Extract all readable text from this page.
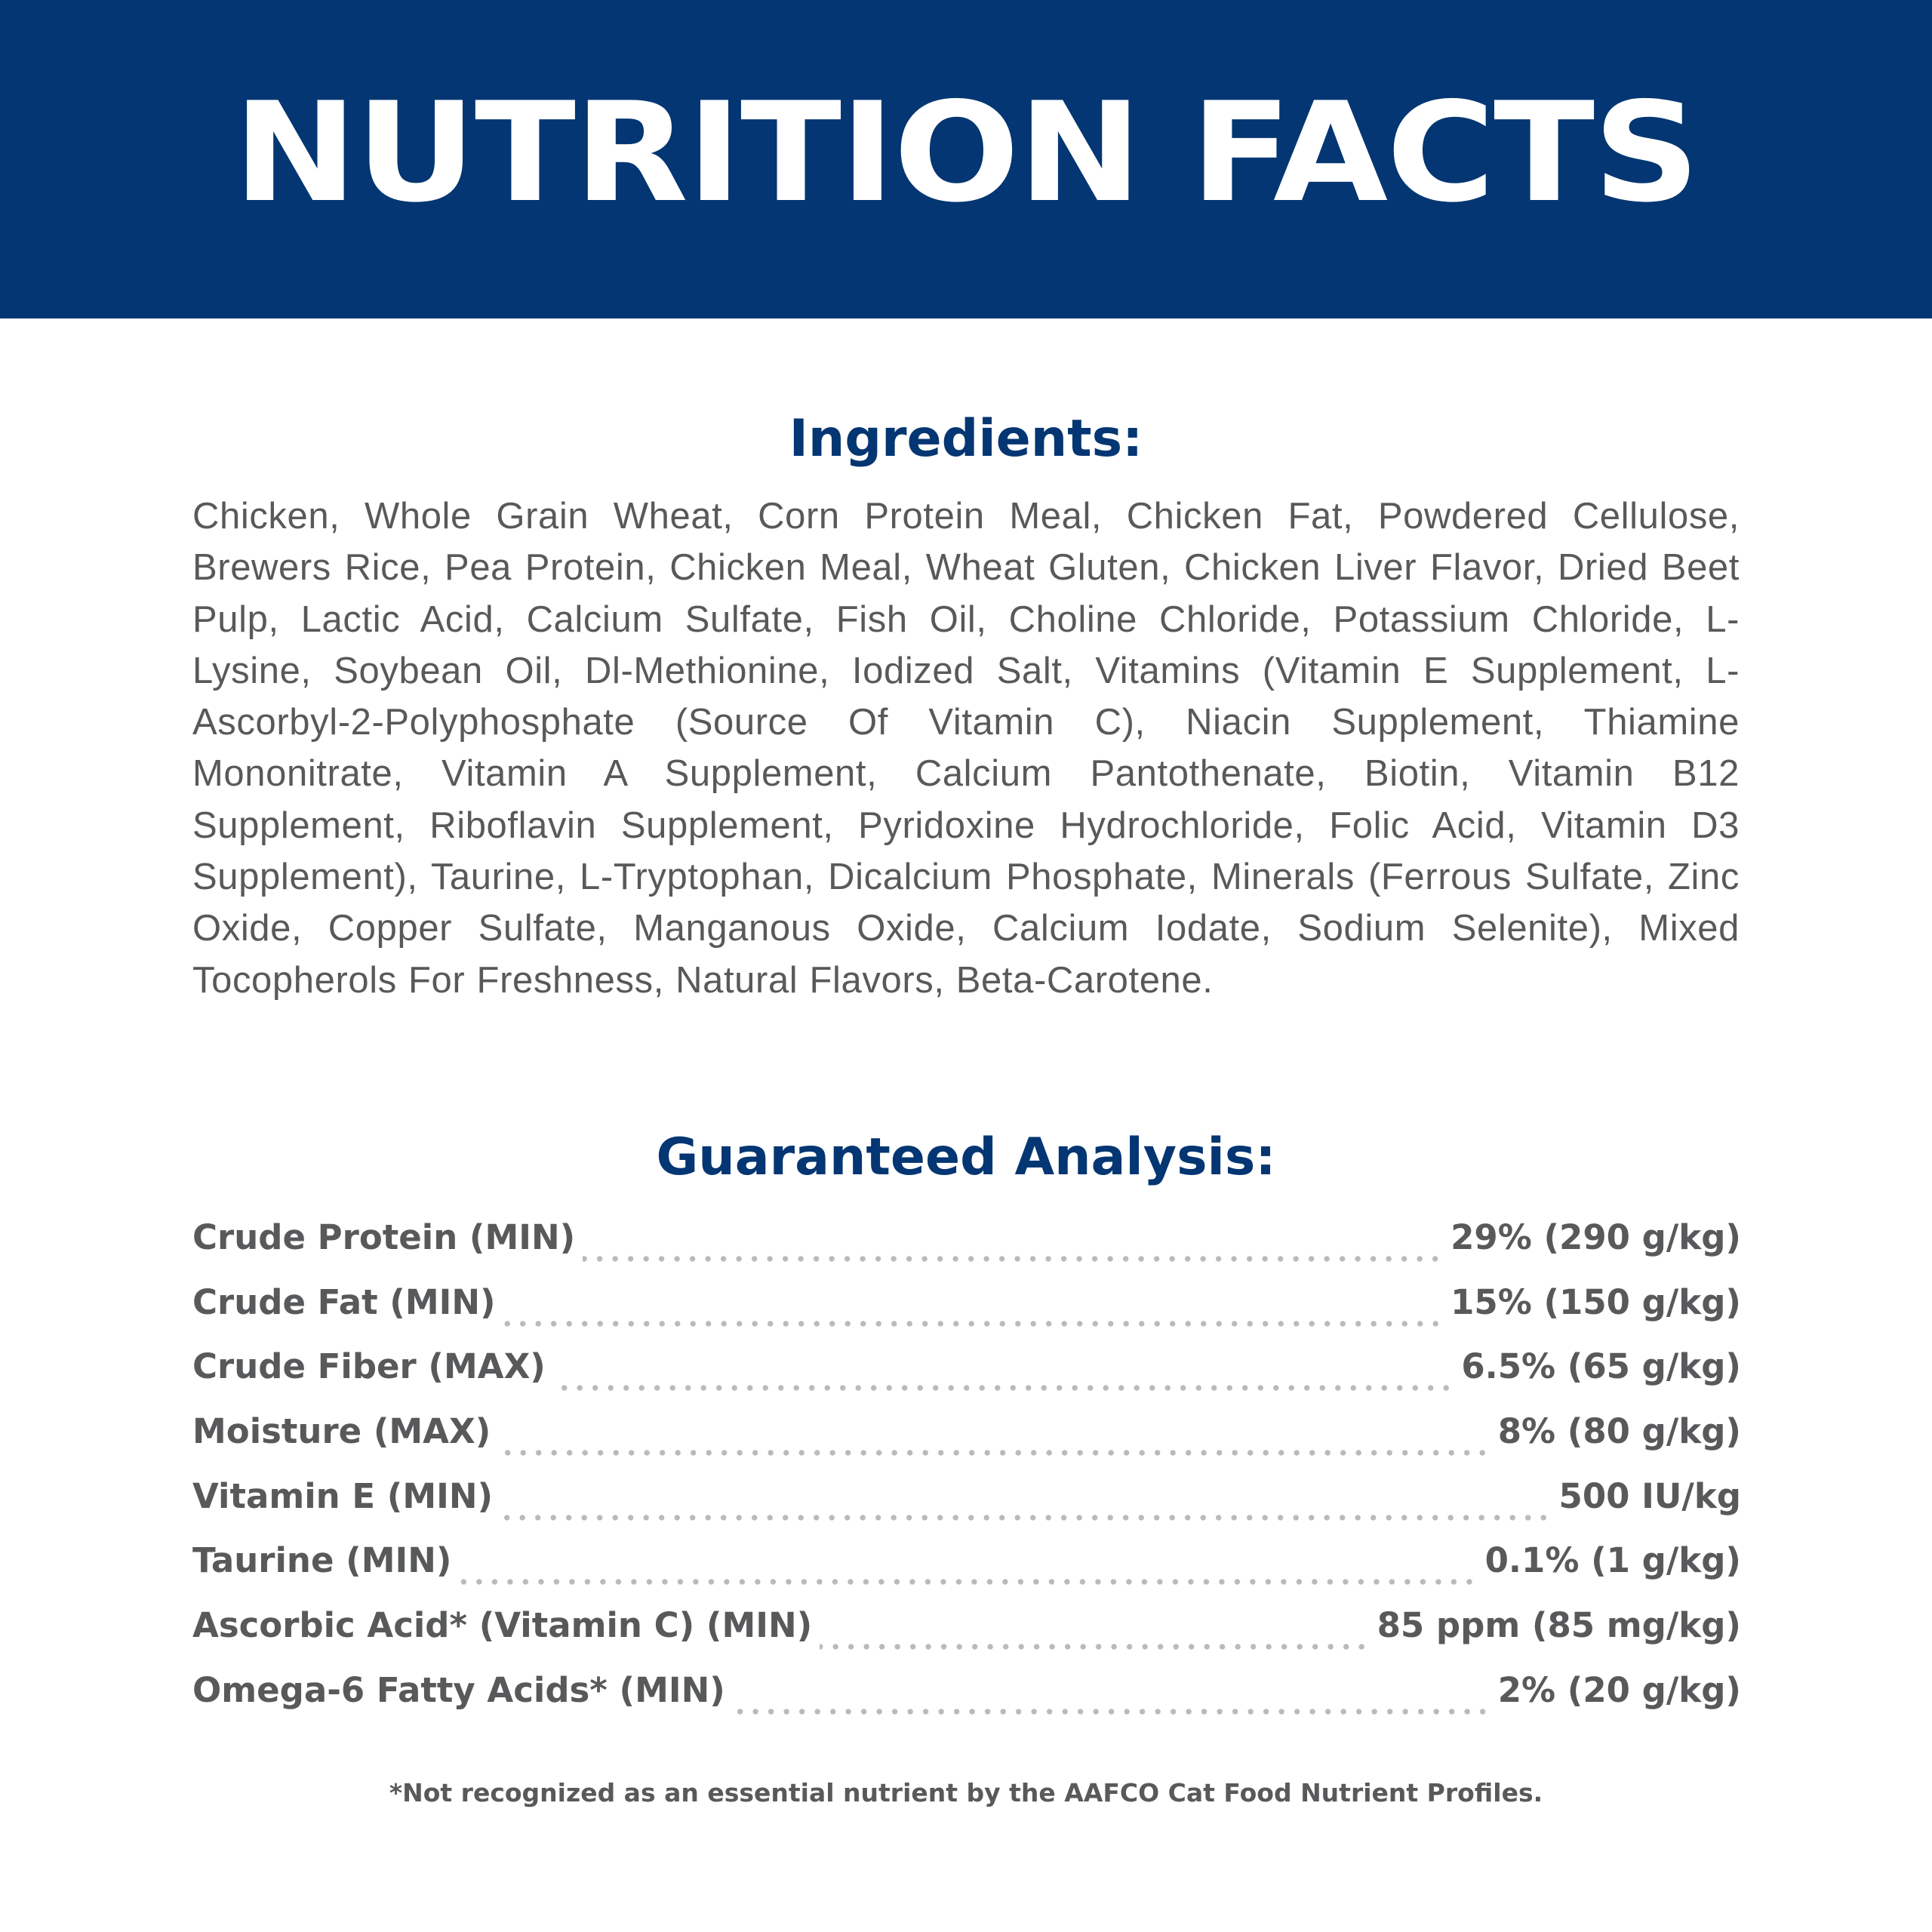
NUTRITION FACTS
Ingredients:

Chicken, Whole Grain Wheat, Corn Protein Meal, Chicken Fat, Powdered Cellulose, Brewers Rice, Pea Protein, Chicken Meal, Wheat Gluten, Chicken Liver Flavor, Dried Beet Pulp, Lactic Acid, Calcium Sulfate, Fish Oil, Choline Chloride, Potassium Chloride, L-Lysine, Soybean Oil, Dl-Methionine, Iodized Salt, Vitamins (Vitamin E Supplement, L-Ascorbyl-2-Polyphosphate (Source Of Vitamin C), Niacin Supplement, Thiamine Mononitrate, Vitamin A Supplement, Calcium Pantothenate, Biotin, Vitamin B12 Supplement, Riboflavin Supplement, Pyridoxine Hydrochloride, Folic Acid, Vitamin D3 Supplement), Taurine, L-Tryptophan, Dicalcium Phosphate, Minerals (Ferrous Sulfate, Zinc Oxide, Copper Sulfate, Manganous Oxide, Calcium Iodate, Sodium Selenite), Mixed Tocopherols For Freshness, Natural Flavors, Beta-Carotene.

Guaranteed Analysis:
Crude Protein (MIN)	29% (290 g/kg)
Crude Fat (MIN)	15% (150 g/kg)
Crude Fiber (MAX)	6.5% (65 g/kg)
Moisture (MAX)	8% (80 g/kg)
Vitamin E (MIN)	500 IU/kg
Taurine (MIN)	0.1% (1 g/kg)
Ascorbic Acid* (Vitamin C) (MIN)	85 ppm (85 mg/kg)
Omega-6 Fatty Acids* (MIN)	2% (20 g/kg)

*Not recognized as an essential nutrient by the AAFCO Cat Food Nutrient Profiles.
